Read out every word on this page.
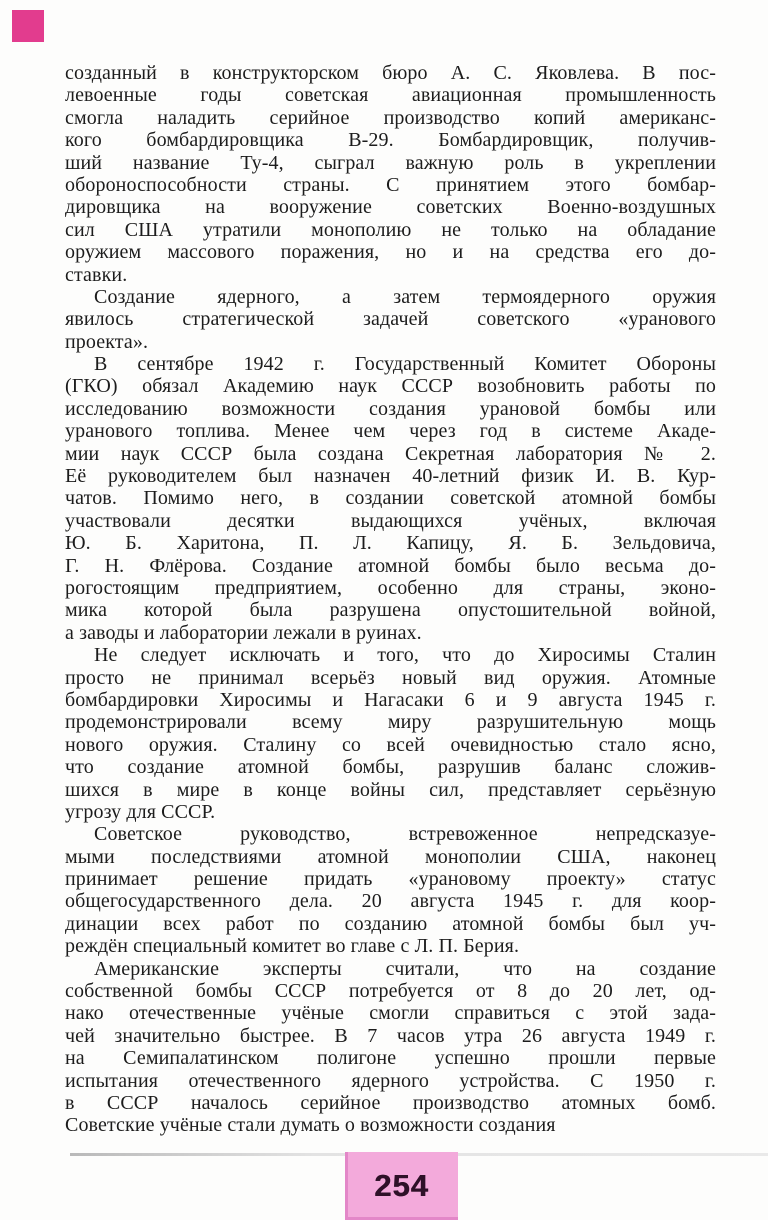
созданный в конструкторском бюро А. С. Яковлева. В пос-
левоенные годы советская авиационная промышленность
смогла наладить серийное производство копий американс-
кого бомбардировщика В-29. Бомбардировщик, получив-
ший название Ту-4, сыграл важную роль в укреплении
обороноспособности страны. С принятием этого бомбар-
дировщика на вооружение советских Военно-воздушных
сил США утратили монополию не только на обладание
оружием массового поражения, но и на средства его до-
ставки.
Создание ядерного, а затем термоядерного оружия
явилось стратегической задачей советского «уранового
проекта».
В сентябре 1942 г. Государственный Комитет Обороны
(ГКО) обязал Академию наук СССР возобновить работы по
исследованию возможности создания урановой бомбы или
уранового топлива. Менее чем через год в системе Акаде-
мии наук СССР была создана Секретная лаборатория № 2.
Её руководителем был назначен 40-летний физик И. В. Кур-
чатов. Помимо него, в создании советской атомной бомбы
участвовали десятки выдающихся учёных, включая
Ю. Б. Харитона, П. Л. Капицу, Я. Б. Зельдовича,
Г. Н. Флёрова. Создание атомной бомбы было весьма до-
рогостоящим предприятием, особенно для страны, эконо-
мика которой была разрушена опустошительной войной,
а заводы и лаборатории лежали в руинах.
Не следует исключать и того, что до Хиросимы Сталин
просто не принимал всерьёз новый вид оружия. Атомные
бомбардировки Хиросимы и Нагасаки 6 и 9 августа 1945 г.
продемонстрировали всему миру разрушительную мощь
нового оружия. Сталину со всей очевидностью стало ясно,
что создание атомной бомбы, разрушив баланс сложив-
шихся в мире в конце войны сил, представляет серьёзную
угрозу для СССР.
Советское руководство, встревоженное непредсказуе-
мыми последствиями атомной монополии США, наконец
принимает решение придать «урановому проекту» статус
общегосударственного дела. 20 августа 1945 г. для коор-
динации всех работ по созданию атомной бомбы был уч-
реждён специальный комитет во главе с Л. П. Берия.
Американские эксперты считали, что на создание
собственной бомбы СССР потребуется от 8 до 20 лет, од-
нако отечественные учёные смогли справиться с этой зада-
чей значительно быстрее. В 7 часов утра 26 августа 1949 г.
на Семипалатинском полигоне успешно прошли первые
испытания отечественного ядерного устройства. С 1950 г.
в СССР началось серийное производство атомных бомб.
Советские учёные стали думать о возможности создания
254
